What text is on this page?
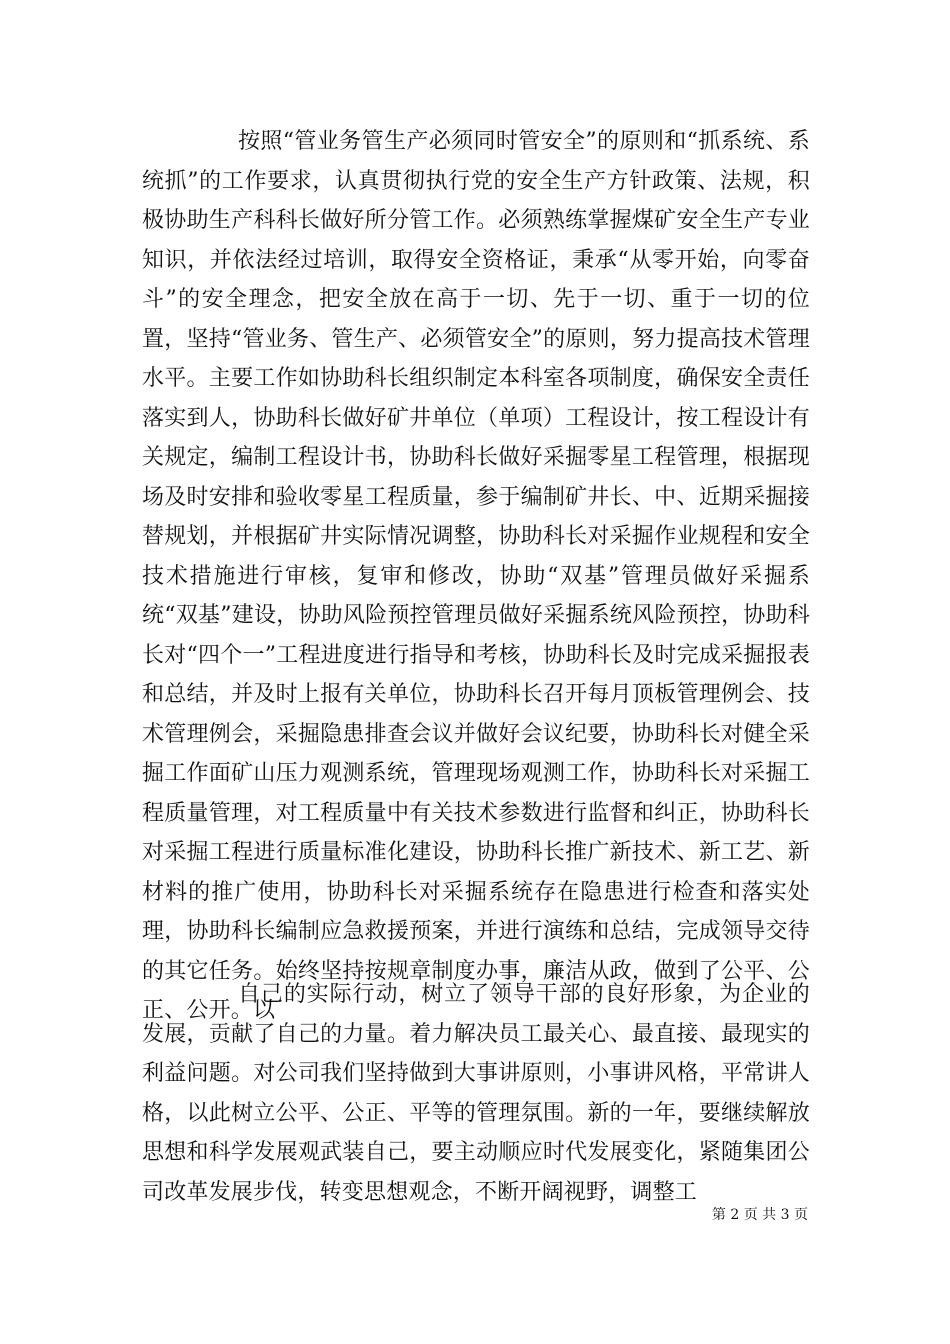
按照“管业务管生产必须同时管安全”的原则和“抓系统、系统抓”的工作要求，认真贯彻执行党的安全生产方针政策、法规，积极协助生产科科长做好所分管工作。必须熟练掌握煤矿安全生产专业知识，并依法经过培训，取得安全资格证，秉承“从零开始，向零奋斗”的安全理念，把安全放在高于一切、先于一切、重于一切的位置，坚持“管业务、管生产、必须管安全”的原则，努力提高技术管理水平。主要工作如协助科长组织制定本科室各项制度，确保安全责任落实到人，协助科长做好矿井单位（单项）工程设计，按工程设计有关规定，编制工程设计书，协助科长做好采掘零星工程管理，根据现场及时安排和验收零星工程质量，参于编制矿井长、中、近期采掘接替规划，并根据矿井实际情况调整，协助科长对采掘作业规程和安全技术措施进行审核，复审和修改，协助“双基”管理员做好采掘系统“双基”建设，协助风险预控管理员做好采掘系统风险预控，协助科长对“四个一”工程进度进行指导和考核，协助科长及时完成采掘报表和总结，并及时上报有关单位，协助科长召开每月顶板管理例会、技术管理例会，采掘隐患排查会议并做好会议纪要，协助科长对健全采掘工作面矿山压力观测系统，管理现场观测工作，协助科长对采掘工程质量管理，对工程质量中有关技术参数进行监督和纠正，协助科长对采掘工程进行质量标准化建设，协助科长推广新技术、新工艺、新材料的推广使用，协助科长对采掘系统存在隐患进行检查和落实处理，协助科长编制应急救援预案，并进行演练和总结，完成领导交待的其它任务。始终坚持按规章制度办事，廉洁从政，做到了公平、公正、公开。以

自己的实际行动，树立了领导干部的良好形象，为企业的发展，贡献了自己的力量。着力解决员工最关心、最直接、最现实的利益问题。对公司我们坚持做到大事讲原则，小事讲风格，平常讲人格，以此树立公平、公正、平等的管理氛围。新的一年，要继续解放思想和科学发展观武装自己，要主动顺应时代发展变化，紧随集团公司改革发展步伐，转变思想观念，不断开阔视野，调整工

第 2 页 共 3 页
